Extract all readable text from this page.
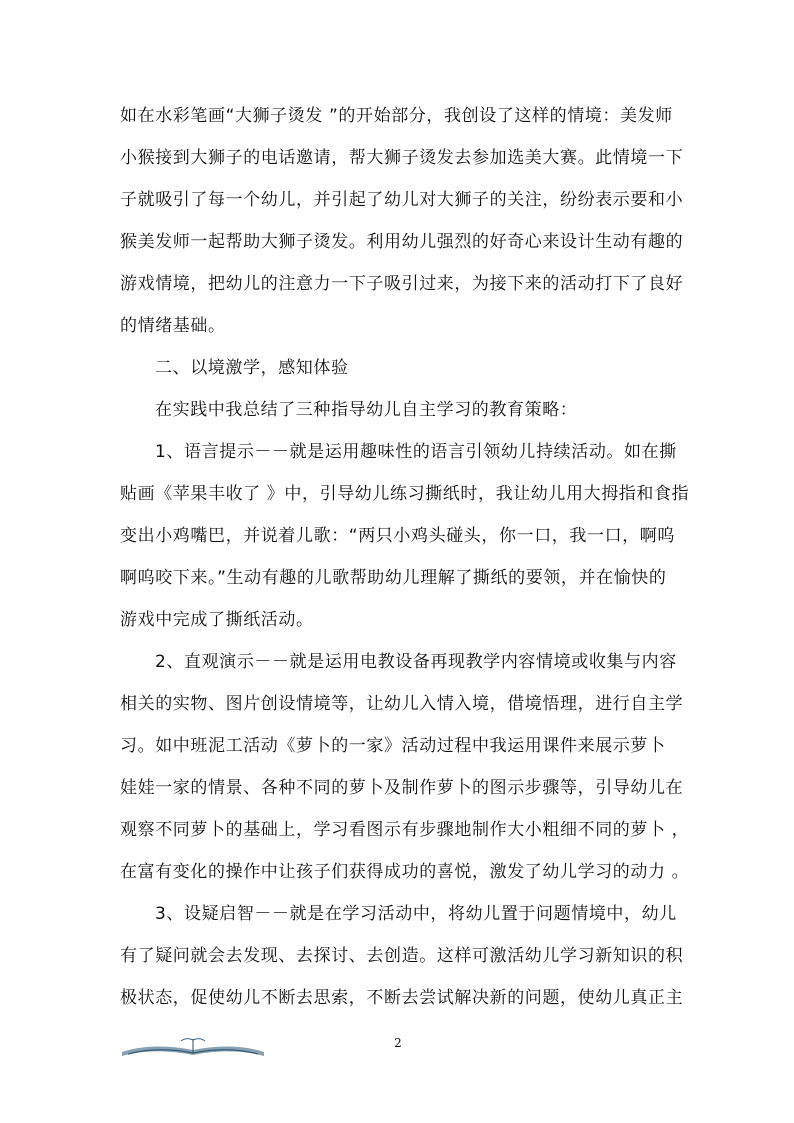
如在水彩笔画“大狮子烫发 ”的开始部分，我创设了这样的情境：美发师
小猴接到大狮子的电话邀请，帮大狮子烫发去参加选美大赛。此情境一下
子就吸引了每一个幼儿，并引起了幼儿对大狮子的关注，纷纷表示要和小
猴美发师一起帮助大狮子烫发。利用幼儿强烈的好奇心来设计生动有趣的
游戏情境，把幼儿的注意力一下子吸引过来，为接下来的活动打下了良好
的情绪基础。
二、以境激学，感知体验
在实践中我总结了三种指导幼儿自主学习的教育策略：
1、语言提示－－就是运用趣味性的语言引领幼儿持续活动。如在撕
贴画《苹果丰收了 》中，引导幼儿练习撕纸时，我让幼儿用大拇指和食指
变出小鸡嘴巴，并说着儿歌：“两只小鸡头碰头，你一口，我一口，啊呜
啊呜咬下来。”生动有趣的儿歌帮助幼儿理解了撕纸的要领，并在愉快的
游戏中完成了撕纸活动。
2、直观演示－－就是运用电教设备再现教学内容情境或收集与内容
相关的实物、图片创设情境等，让幼儿入情入境，借境悟理，进行自主学
习。如中班泥工活动《萝卜的一家》活动过程中我运用课件来展示萝卜
娃娃一家的情景、各种不同的萝卜及制作萝卜的图示步骤等，引导幼儿在
观察不同萝卜的基础上，学习看图示有步骤地制作大小粗细不同的萝卜 ，
在富有变化的操作中让孩子们获得成功的喜悦，激发了幼儿学习的动力 。
3、设疑启智－－就是在学习活动中，将幼儿置于问题情境中，幼儿
有了疑问就会去发现、去探讨、去创造。这样可激活幼儿学习新知识的积
极状态，促使幼儿不断去思索，不断去尝试解决新的问题，使幼儿真正主
2
